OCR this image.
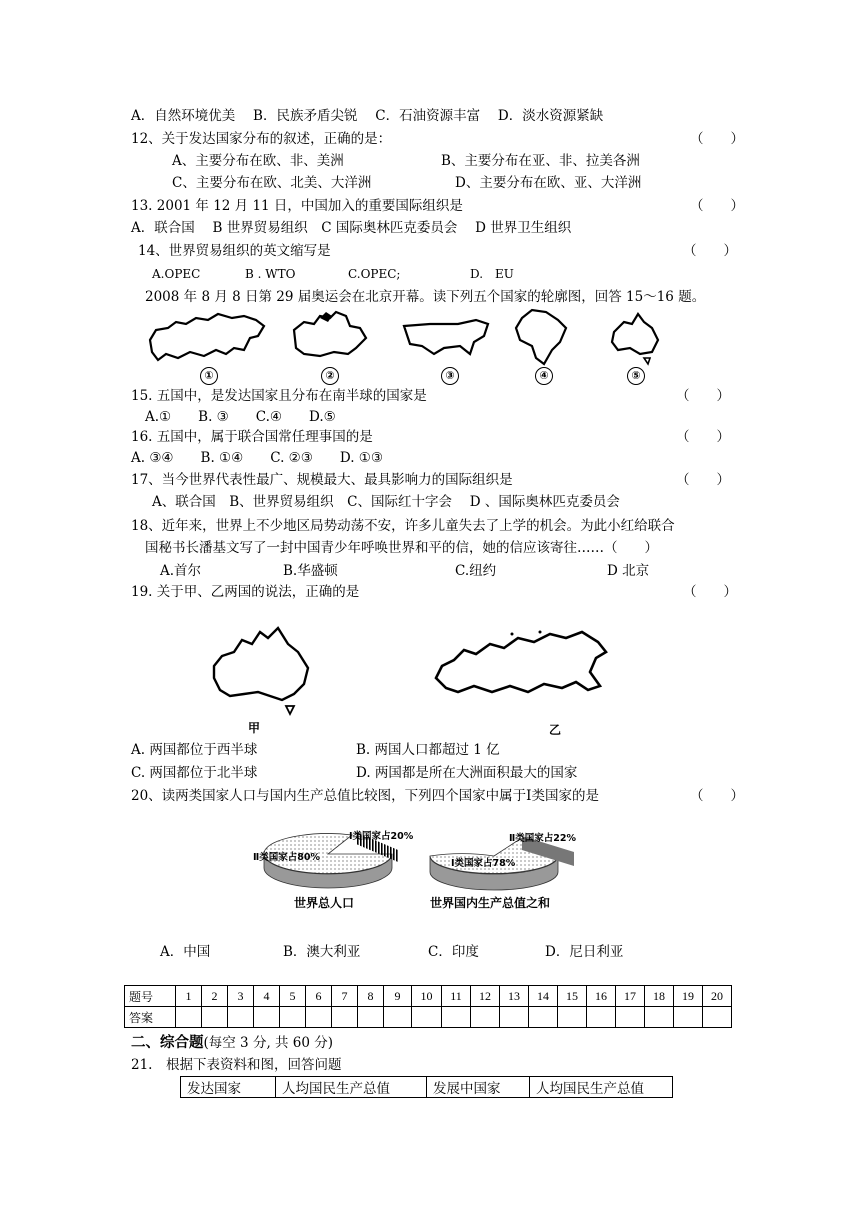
A．自然环境优美　 B．民族矛盾尖锐　 C．石油资源丰富　 D．淡水资源紧缺
12、关于发达国家分布的叙述，正确的是：	（　　）
A、主要分布在欧、非、美洲	B、主要分布在亚、非、拉美各洲
C、主要分布在欧、北美、大洋洲	D、主要分布在欧、亚、大洋洲
13. 2001 年 12 月 11 日，中国加入的重要国际组织是	（　　）
A．联合国　 B 世界贸易组织　C 国际奥林匹克委员会　 D 世界卫生组织
14、世界贸易组织的英文缩写是	（　　）
A.OPEC	B . WTO	C.OPEC;	D.　EU
2008 年 8 月 8 日第 29 届奥运会在北京开幕。读下列五个国家的轮廓图，回答 15～16 题。
①	②	③	④	⑤
15. 五国中，是发达国家且分布在南半球的国家是	（　　）
A.①　　B. ③　　C.④　　D.⑤
16. 五国中，属于联合国常任理事国的是	（　　）
A. ③④　　B. ①④　　C. ②③　　D. ①③
17、当今世界代表性最广、规模最大、最具影响力的国际组织是	（　　）
A、联合国　B、世界贸易组织　C、国际红十字会　 D 、国际奥林匹克委员会
18、近年来，世界上不少地区局势动荡不安，许多儿童失去了上学的机会。为此小红给联合
国秘书长潘基文写了一封中国青少年呼唤世界和平的信，她的信应该寄往……（　　）
A.首尔	B.华盛顿	C.纽约	D 北京
19. 关于甲、乙两国的说法，正确的是	（　　）
甲	乙
A. 两国都位于西半球	B. 两国人口都超过 1 亿
C. 两国都位于北半球	D. 两国都是所在大洲面积最大的国家
20、读两类国家人口与国内生产总值比较图，下列四个国家中属于Ⅰ类国家的是	（　　）
Ⅱ类国家占80%
Ⅰ类国家占20%
世界总人口
Ⅰ类国家占78%
Ⅱ类国家占22%
世界国内生产总值之和
A．中国	B．澳大利亚	C．印度	D．尼日利亚
题号	1	2	3	4	5	6	7	8	9	10	11	12	13	14	15	16	17	18	19	20
答案																				
二、综合题(每空 3 分, 共 60 分)
21.　根据下表资料和图，回答问题
发达国家	人均国民生产总值	发展中国家	人均国民生产总值
